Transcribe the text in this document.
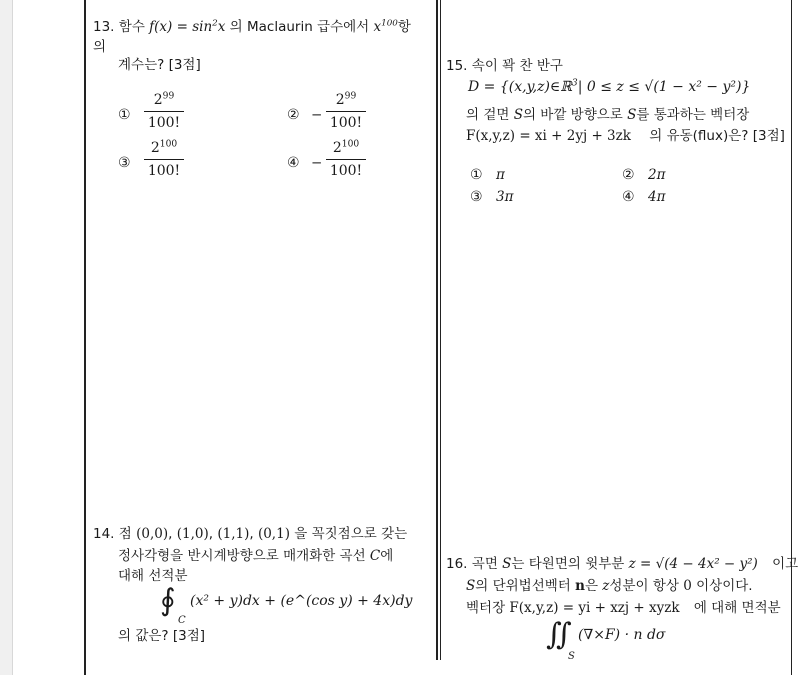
13. 함수 $f(x) = \sin^2x$ 의 Maclaurin 급수에서 $x^{100}$항
의
계수는? [3점]
①
$2^{99}$
100!	② −
$2^{99}$
100!
③
$2^{100}$
100!	④ −
$2^{100}$
100!
15. 속이 꽉 찬 반구
D = {(x,y,z)∈ℝ$^3$| 0 ≤ z ≤ √(1 − x² − y²)}
의 겉면 S의 바깥 방향으로 S를 통과하는 벡터장
F(x,y,z) = xi + 2yj + 3zk 의 유동(flux)은? [3점]
① π	② 2π
③ 3π	④ 4π
14. 점 (0,0), (1,0), (1,1), (0,1) 을 꼭짓점으로 갖는
정사각형을 반시계방향으로 매개화한 곡선 C에
대해 선적분
∮
C
(x² + y)dx + (e^(cos y) + 4x)dy
의 값은? [3점]
16. 곡면 S는 타원면의 윗부분 z = √(4 − 4x² − y²) 이고
S의 단위법선벡터 n은 z성분이 항상 0 이상이다.
벡터장 F(x,y,z) = yi + xzj + xyzk 에 대해 면적분
∬
S
(∇×F) · n dσ
